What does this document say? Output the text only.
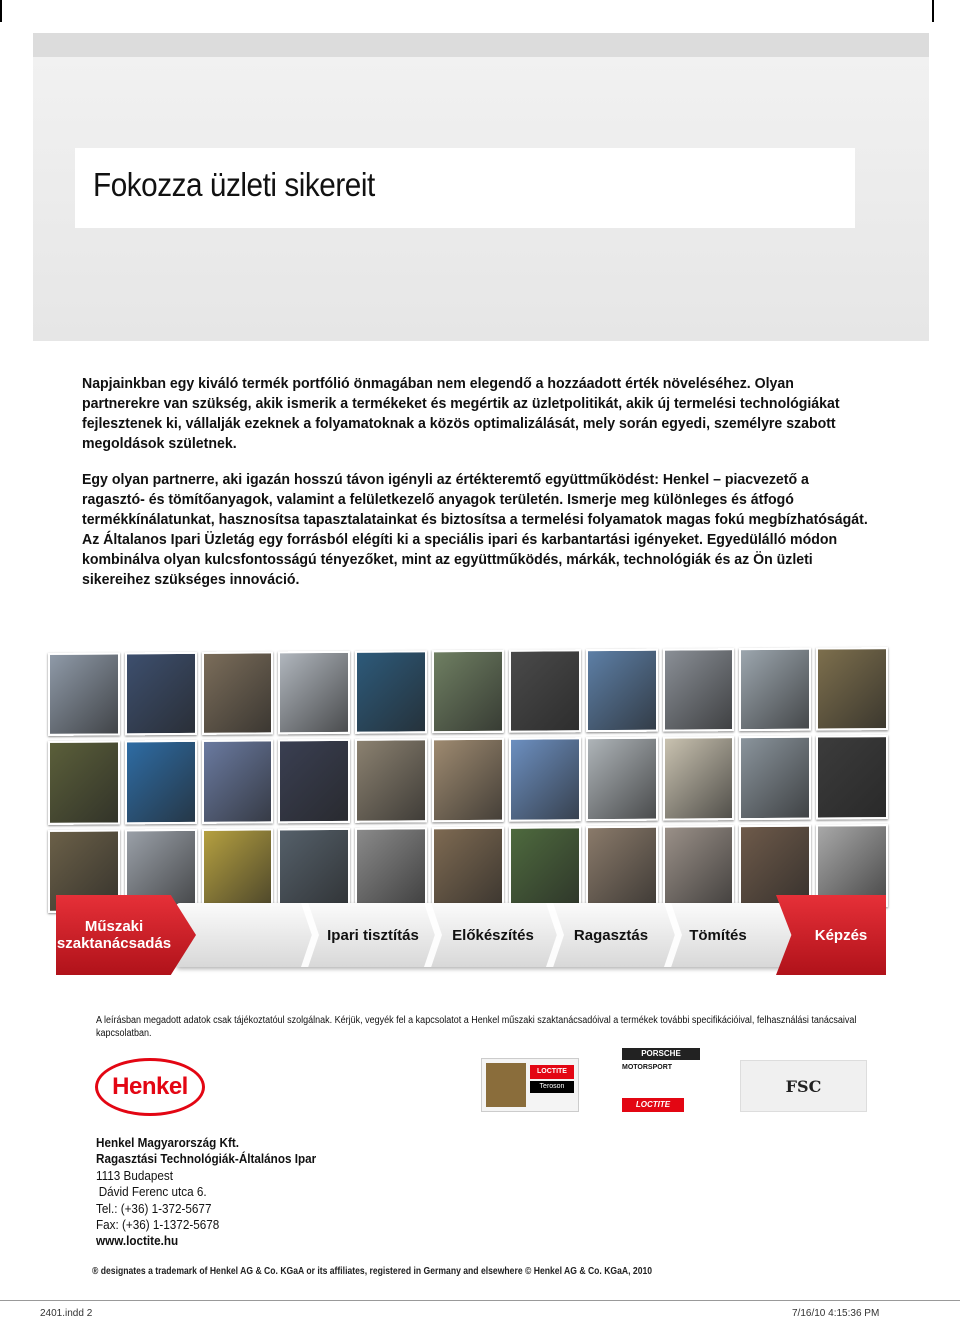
Fokozza üzleti sikereit

Napjainkban egy kiváló termék portfólió önmagában nem elegendő a hozzáadott érték növeléséhez. Olyan partnerekre van szükség, akik ismerik a termékeket és megértik az üzletpolitikát, akik új termelési technológiákat fejlesztenek ki, vállalják ezeknek a folyamatoknak a közös optimalizálását, mely során egyedi, személyre szabott megoldások születnek.

Egy olyan partnerre, aki igazán hosszú távon igényli az értékteremtő együttműködést: Henkel – piacvezető a ragasztó- és tömítőanyagok, valamint a felületkezelő anyagok területén. Ismerje meg különleges és átfogó termékkínálatunkat, hasznosítsa tapasztalatainkat és biztosítsa a termelési folyamatok magas fokú megbízhatóságát. Az Általanos Ipari Üzletág egy forrásból elégíti ki a speciális ipari és karbantartási igényeket. Egyedülálló módon kombinálva olyan kulcsfontosságú tényezőket, mint az együttműködés, márkák, technológiák és az Ön üzleti sikereihez szükséges innováció.

Műszaki szaktanácsadás	Ipari tisztítás	Előkészítés	Ragasztás	Tömítés	Képzés
A leírásban megadott adatok csak tájékoztatóul szolgálnak. Kérjük, vegyék fel a kapcsolatot a Henkel műszaki szaktanácsadóival a termékek további specifikációival, felhasználási tanácsaival kapcsolatban.
Henkel
LOCTITE
Teroson
PORSCHE
MOTORSPORT
LOCTITE
FSC
Henkel Magyarország Kft.
Ragasztási Technológiák-Általános Ipar
1113 Budapest
Dávid Ferenc utca 6.
Tel.: (+36) 1-372-5677
Fax: (+36) 1-1372-5678
www.loctite.hu
® designates a trademark of Henkel AG & Co. KGaA or its affiliates, registered in Germany and elsewhere © Henkel AG & Co. KGaA, 2010
2401.indd 2	7/16/10 4:15:36 PM
